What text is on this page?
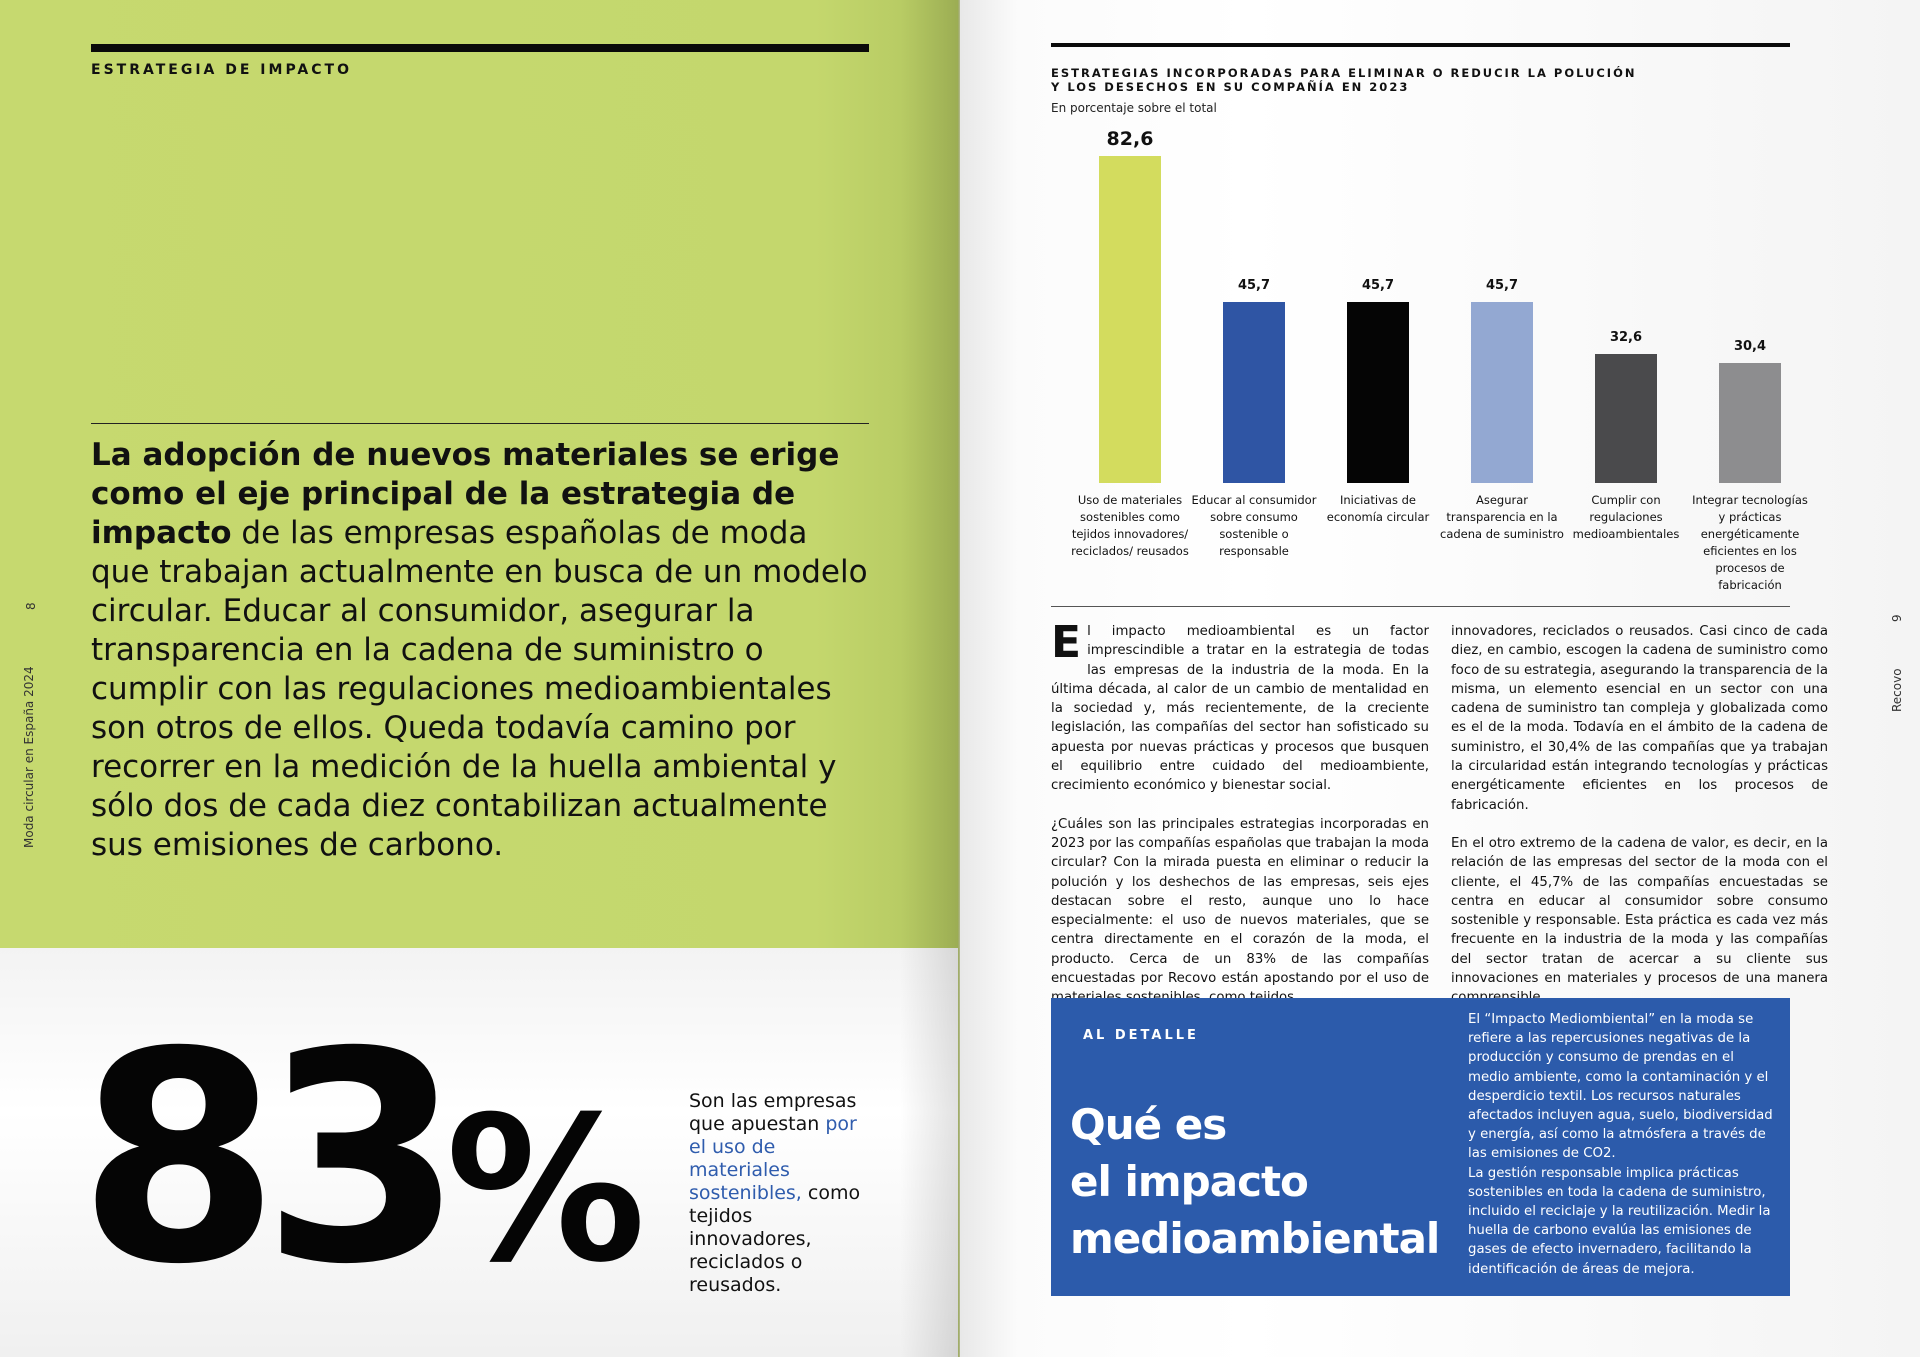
ESTRATEGIA DE IMPACTO
La adopción de nuevos materiales se erige como el eje principal de la estrategia de impacto de las empresas españolas de moda que trabajan actualmente en busca de un modelo circular. Educar al consumidor, asegurar la transparencia en la cadena de suministro o cumplir con las regulaciones medioambientales son otros de ellos. Queda todavía camino por recorrer en la medición de la huella ambiental y sólo dos de cada diez contabilizan actualmente sus emisiones de carbono.
8
Moda circular en España 2024
83%	Son las empresas que apuestan por el uso de materiales sostenibles, como tejidos innovadores, reciclados o reusados.
ESTRATEGIAS INCORPORADAS PARA ELIMINAR O REDUCIR LA POLUCIÓN Y LOS DESECHOS EN SU COMPAÑÍA EN 2023
En porcentaje sobre el total
82,6
Uso de materiales sostenibles como tejidos innovadores/ reciclados/ reusados
45,7
Educar al consumidor sobre consumo sostenible o responsable
45,7
Iniciativas de economía circular
45,7
Asegurar transparencia en la cadena de suministro
32,6
Cumplir con regulaciones medioambientales
30,4
Integrar tecnologías y prácticas energéticamente eficientes en los procesos de fabricación

El impacto medioambiental es un factor imprescindible a tratar en la estrategia de todas las empresas de la industria de la moda. En la última década, al calor de un cambio de mentalidad en la sociedad y, más recientemente, de la creciente legislación, las compañías del sector han sofisticado su apuesta por nuevas prácticas y procesos que busquen el equilibrio entre cuidado del medioambiente, crecimiento económico y bienestar social.

¿Cuáles son las principales estrategias incorporadas en 2023 por las compañías españolas que trabajan la moda circular? Con la mirada puesta en eliminar o reducir la polución y los deshechos de las empresas, seis ejes destacan sobre el resto, aunque uno lo hace especialmente: el uso de nuevos materiales, que se centra directamente en el corazón de la moda, el producto. Cerca de un 83% de las compañías encuestadas por Recovo están apostando por el uso de

innovadores, reciclados o reusados. Casi cinco de cada diez, en cambio, escogen la cadena de suministro como foco de su estrategia, asegurando la transparencia de la misma, un elemento esencial en un sector con una cadena de suministro tan compleja y globalizada como es el de la moda. Todavía en el ámbito de la cadena de suministro, el 30,4% de las compañías que ya trabajan la circularidad están integrando tecnologías y prácticas energéticamente eficientes en los procesos de fabricación.

En el otro extremo de la cadena de valor, es decir, en la relación de las empresas del sector de la moda con el cliente, el 45,7% de las compañías encuestadas se centra en educar al consumidor sobre consumo sostenible y responsable. Esta práctica es cada vez más frecuente en la industria de la moda y las compañías del sector tratan de acercar a su cliente sus innovaciones en materiales y procesos de una manera

AL DETALLE
Qué es
el impacto
medioambiental

El “Impacto Mediombiental” en la moda se refiere a las repercusiones negativas de la producción y consumo de prendas en el medio ambiente, como la contaminación y el desperdicio textil. Los recursos naturales afectados incluyen agua, suelo, biodiversidad y energía, así como la atmósfera a través de las emisiones de CO2.

La gestión responsable implica prácticas sostenibles en toda la cadena de suministro, incluido el reciclaje y la reutilización. Medir la huella de carbono evalúa las emisiones de gases de efecto invernadero, facilitando la identificación de áreas de mejora.

9
Recovo
